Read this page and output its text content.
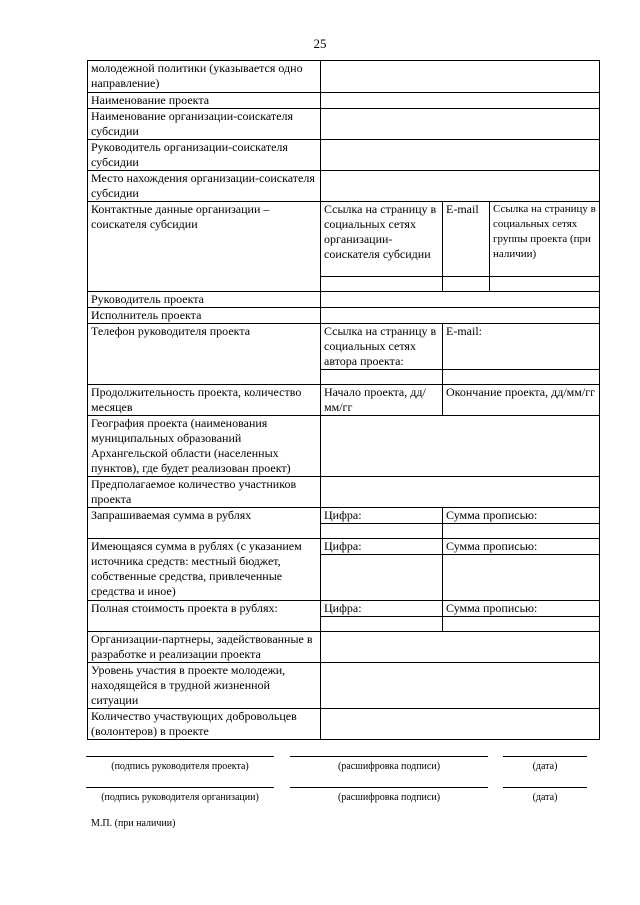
25
молодежной политики (указывается одно направление)			
Наименование проекта			
Наименование организации-соискателя субсидии			
Руководитель организации-соискателя субсидии			
Место нахождения организации-соискателя субсидии			
Контактные данные организации – соискателя субсидии	Ссылка на страницу в социальных сетях организации-соискателя субсидии	E-mail	Ссылка на страницу в социальных сетях группы проекта (при наличии)

Руководитель проекта			
Исполнитель проекта			
Телефон руководителя проекта	Ссылка на страницу в социальных сетях автора проекта:	E-mail:	

Продолжительность проекта, количество месяцев	Начало проекта, дд/мм/гг	Окончание проекта, дд/мм/гг	
География проекта (наименования муниципальных образований Архангельской области (населенных пунктов), где будет реализован проект)			
Предполагаемое количество участников проекта			
Запрашиваемая сумма в рублях	Цифра:	Сумма прописью:	

Имеющаяся сумма в рублях (с указанием источника средств: местный бюджет, собственные средства, привлеченные средства и иное)	Цифра:	Сумма прописью:	

Полная стоимость проекта в рублях:	Цифра:	Сумма прописью:	

Организации-партнеры, задействованные в разработке и реализации проекта			
Уровень участия в проекте молодежи, находящейся в трудной жизненной ситуации			
Количество участвующих добровольцев (волонтеров) в проекте			
(подпись руководителя проекта)	(расшифровка подписи)	(дата)
(подпись руководителя организации)	(расшифровка подписи)	(дата)
М.П. (при наличии)
